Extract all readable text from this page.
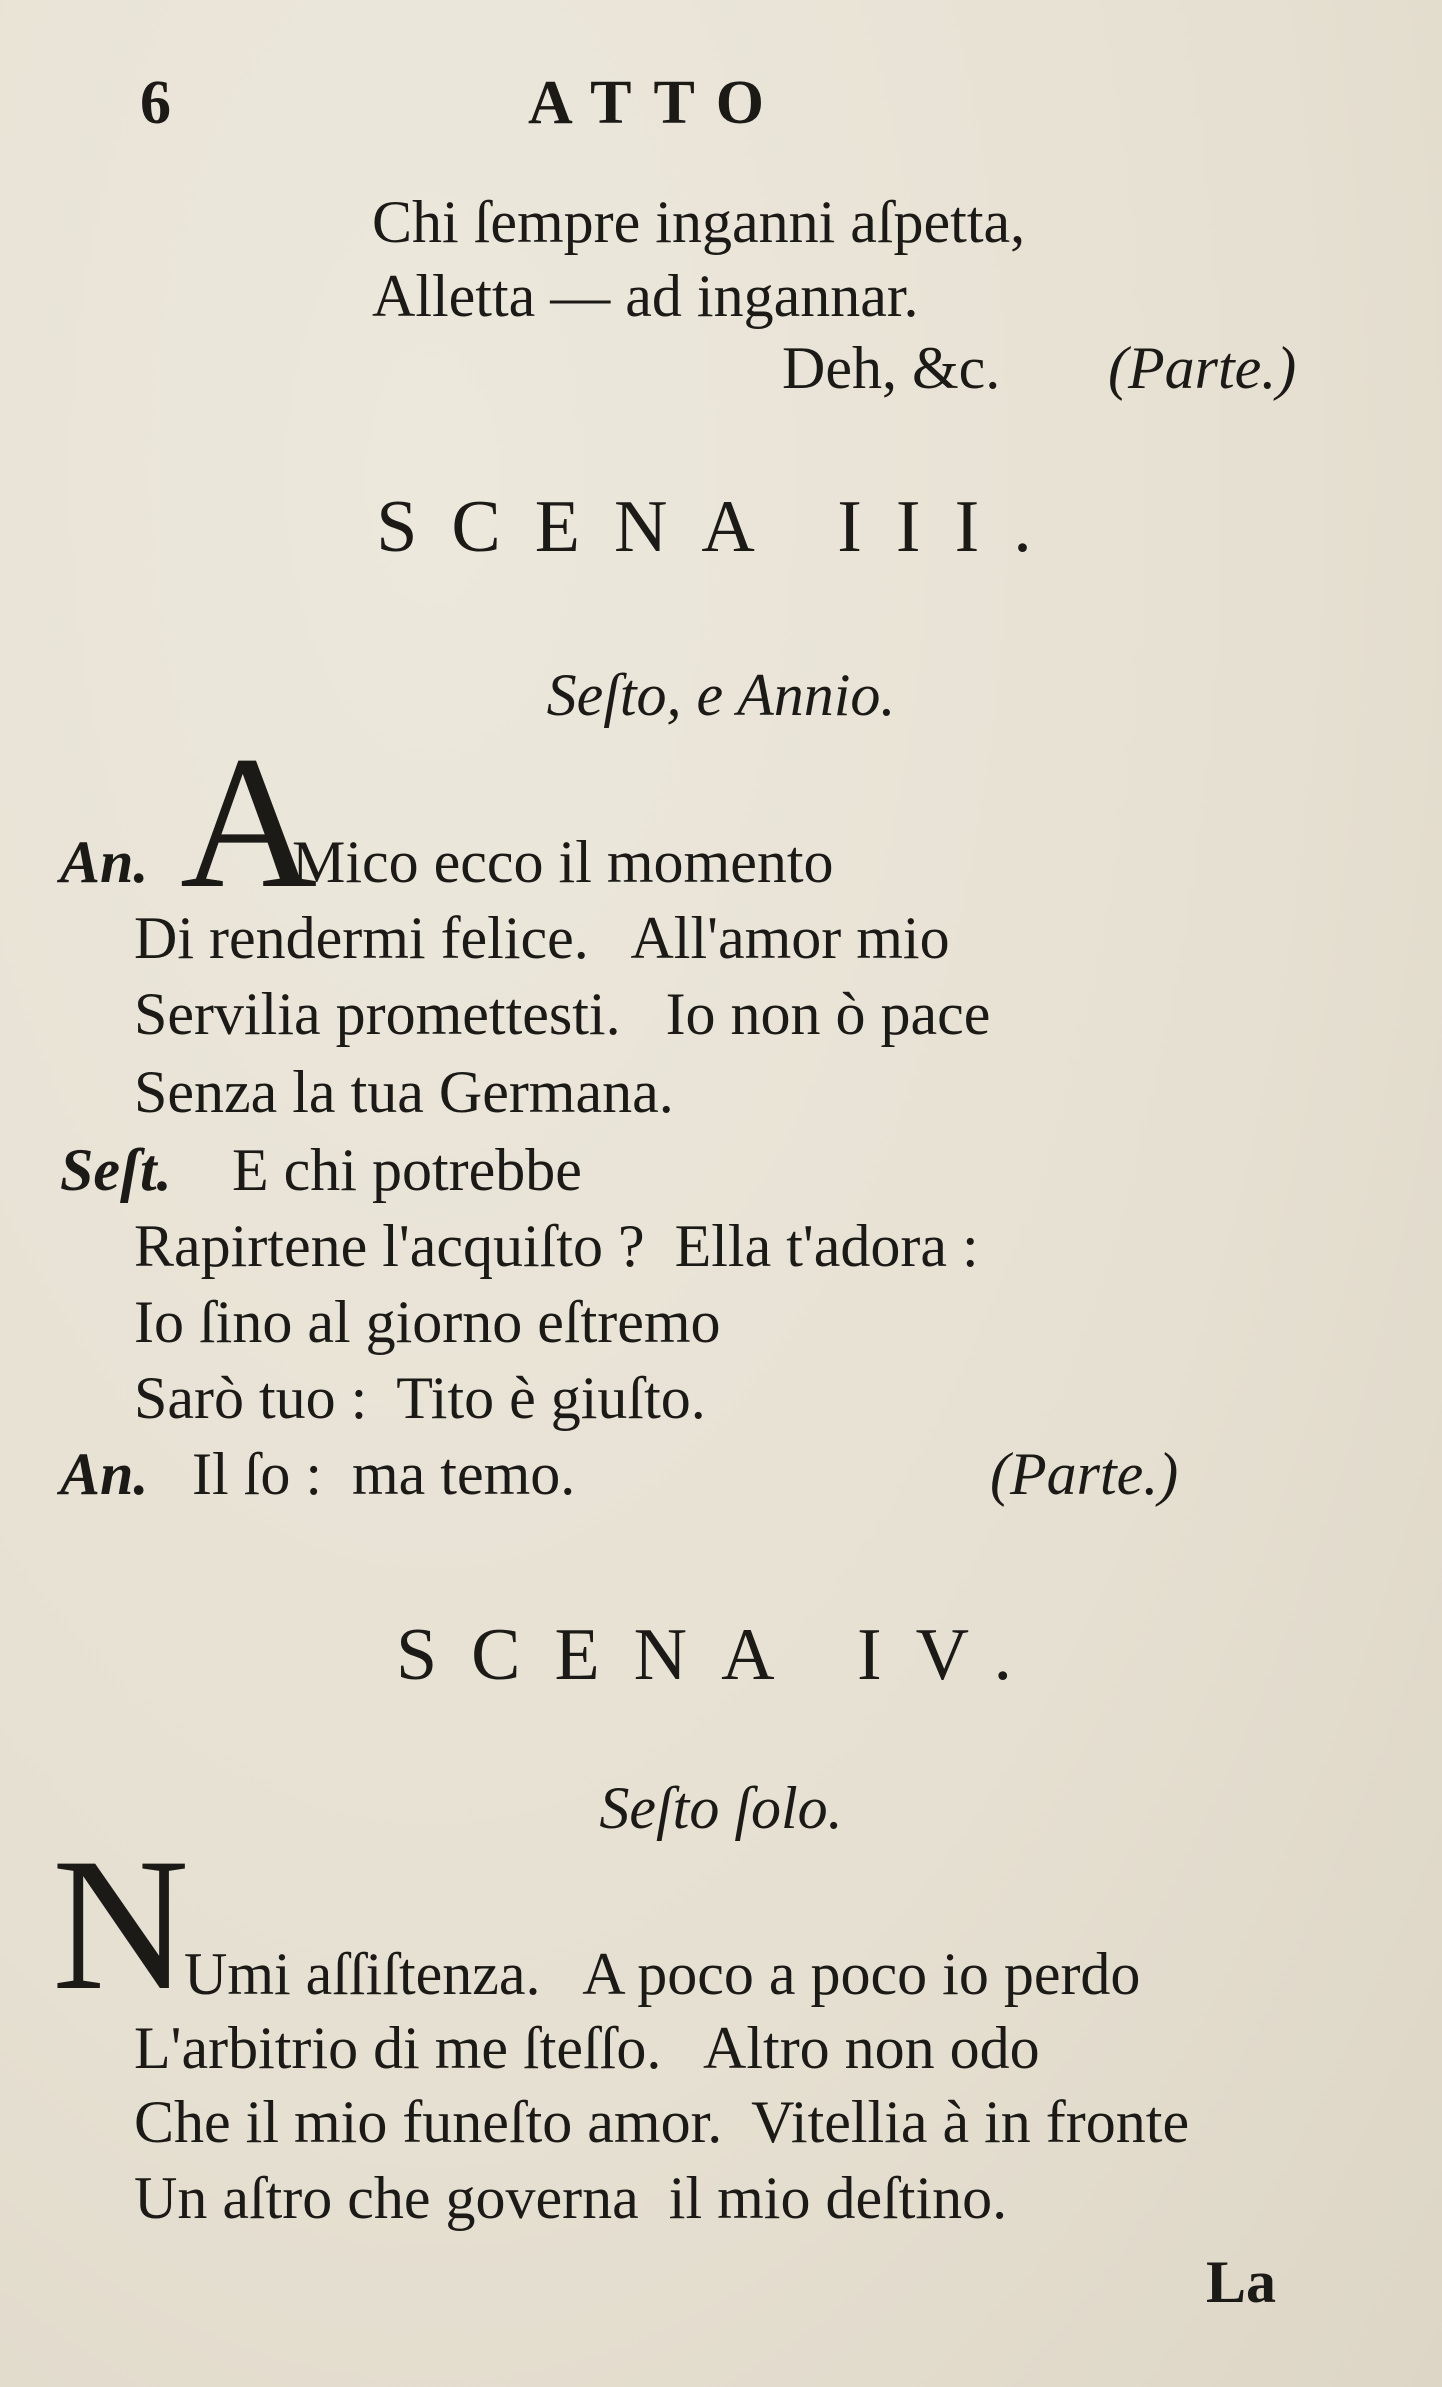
6	ATTO
Chi ſempre inganni aſpetta,
Alletta — ad ingannar.
Deh, &c. (Parte.)
SCENA III.
Seſto, e Annio.
A
An. Mico ecco il momento
Di rendermi felice.   All'amor mio
Servilia promettesti.   Io non ò pace
Senza la tua Germana.
Seſt. E chi potrebbe
Rapirtene l'acquiſto ?  Ella t'adora :
Io ſino al giorno eſtremo
Sarò tuo :  Tito è giuſto.
An. Il ſo :  ma temo.	(Parte.)
SCENA IV.
Seſto ſolo.
N
Umi aſſiſtenza.   A poco a poco io perdo
L'arbitrio di me ſteſſo.   Altro non odo
Che il mio funeſto amor.  Vitellia à in fronte
Un aſtro che governa  il mio deſtino.
La
